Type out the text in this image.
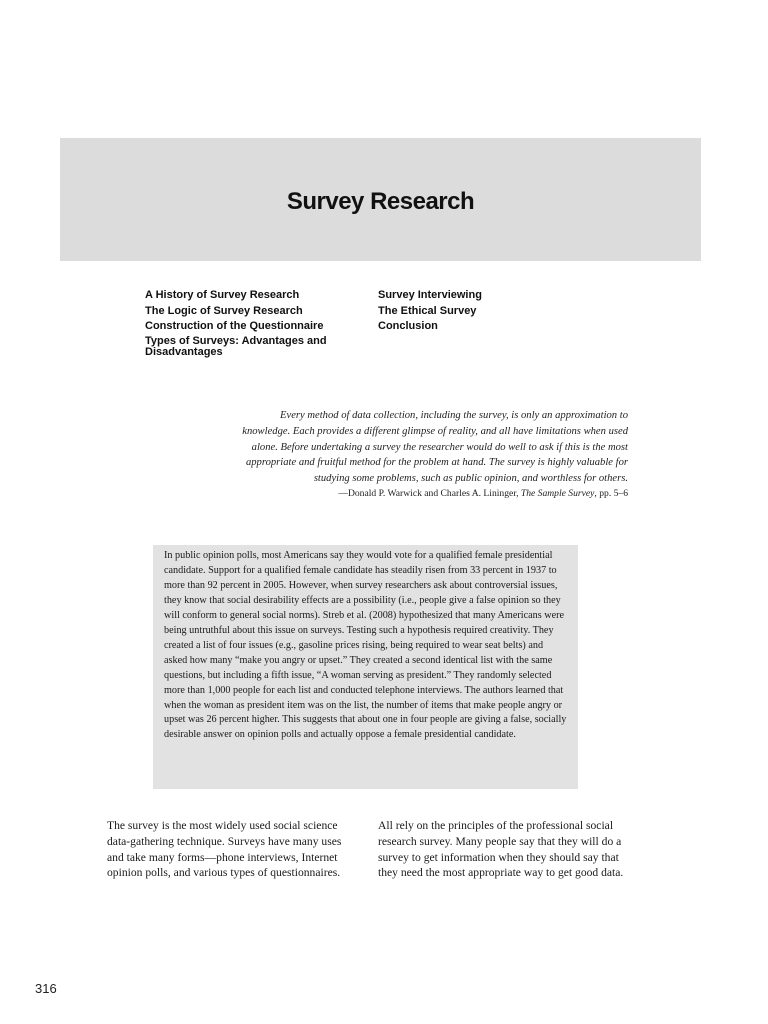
Survey Research
A History of Survey Research
The Logic of Survey Research
Construction of the Questionnaire
Types of Surveys: Advantages and Disadvantages
Survey Interviewing
The Ethical Survey
Conclusion
Every method of data collection, including the survey, is only an approximation to knowledge. Each provides a different glimpse of reality, and all have limitations when used alone. Before undertaking a survey the researcher would do well to ask if this is the most appropriate and fruitful method for the problem at hand. The survey is highly valuable for studying some problems, such as public opinion, and worthless for others.
—Donald P. Warwick and Charles A. Lininger, The Sample Survey, pp. 5–6
In public opinion polls, most Americans say they would vote for a qualified female presidential candidate. Support for a qualified female candidate has steadily risen from 33 percent in 1937 to more than 92 percent in 2005. However, when survey researchers ask about controversial issues, they know that social desirability effects are a possibility (i.e., people give a false opinion so they will conform to general social norms). Streb et al. (2008) hypothesized that many Americans were being untruthful about this issue on surveys. Testing such a hypothesis required creativity. They created a list of four issues (e.g., gasoline prices rising, being required to wear seat belts) and asked how many “make you angry or upset.” They created a second identical list with the same questions, but including a fifth issue, “A woman serving as president.” They randomly selected more than 1,000 people for each list and conducted telephone interviews. The authors learned that when the woman as president item was on the list, the number of items that make people angry or upset was 26 percent higher. This suggests that about one in four people are giving a false, socially desirable answer on opinion polls and actually oppose a female presidential candidate.
The survey is the most widely used social science data-gathering technique. Surveys have many uses and take many forms—phone interviews, Internet opinion polls, and various types of questionnaires.
All rely on the principles of the professional social research survey. Many people say that they will do a survey to get information when they should say that they need the most appropriate way to get good data.
316
